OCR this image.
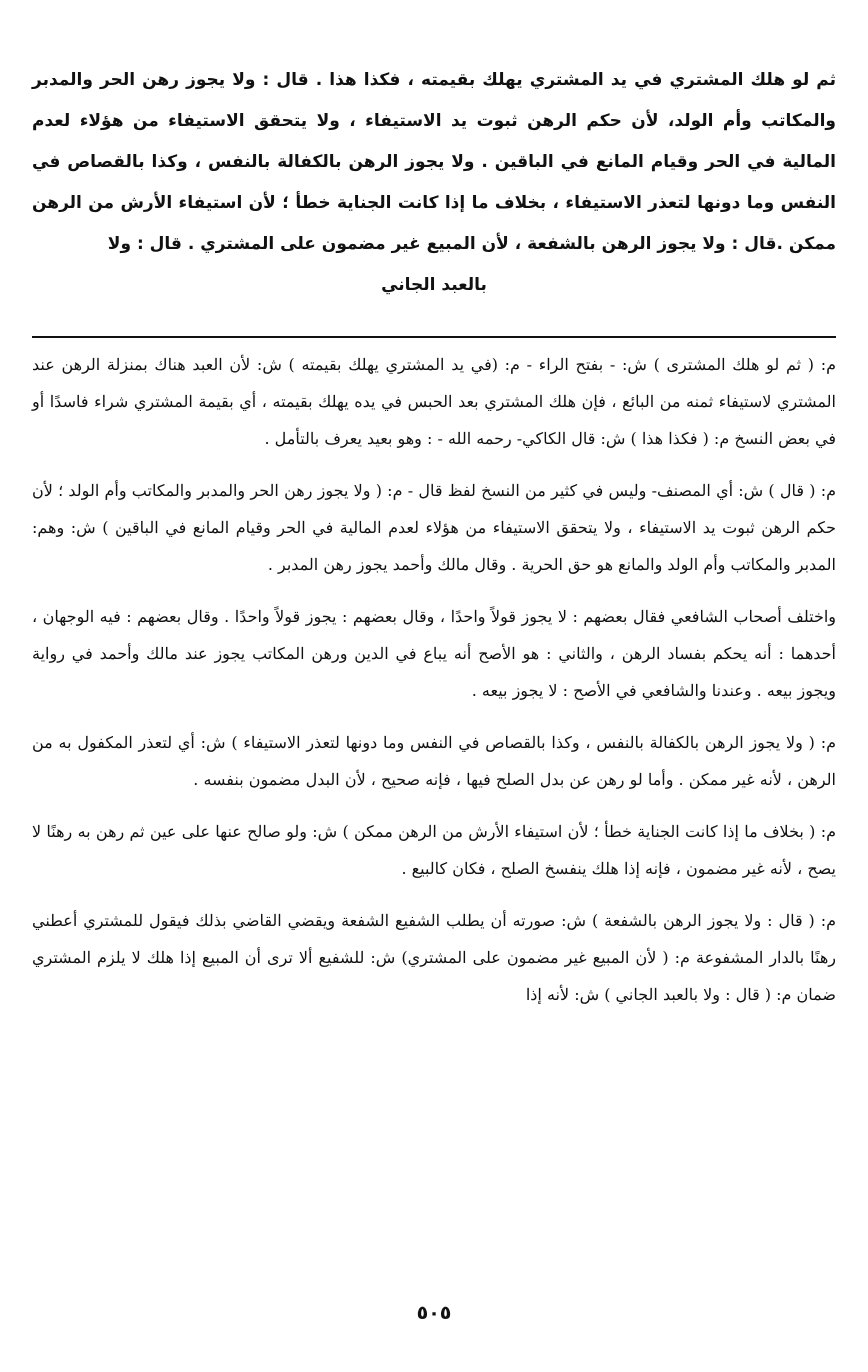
ثم لو هلك المشتري في يد المشتري يهلك بقيمته ، فكذا هذا . قال : ولا يجوز رهن الحر والمدبر والمكاتب وأم الولد، لأن حكم الرهن ثبوت يد الاستيفاء ، ولا يتحقق الاستيفاء من هؤلاء لعدم المالية في الحر وقيام المانع في الباقين . ولا يجوز الرهن بالكفالة بالنفس ، وكذا بالقصاص في النفس وما دونها لتعذر الاستيفاء ، بخلاف ما إذا كانت الجناية خطأ ؛ لأن استيفاء الأرش من الرهن ممكن .قال : ولا يجوز الرهن بالشفعة ، لأن المبيع غير مضمون على المشتري . قال : ولا

بالعبد الجاني

م: ( ثم لو هلك المشترى ) ش: - بفتح الراء - م: (في يد المشتري يهلك بقيمته ) ش: لأن العبد هناك بمنزلة الرهن عند المشتري لاستيفاء ثمنه من البائع ، فإن هلك المشتري بعد الحبس في يده يهلك بقيمته ، أي بقيمة المشتري شراء فاسدًا أو في بعض النسخ م: ( فكذا هذا ) ش: قال الكاكي- رحمه الله - : وهو بعيد يعرف بالتأمل .

م: ( قال ) ش: أي المصنف- وليس في كثير من النسخ لفظ قال - م: ( ولا يجوز رهن الحر والمدبر والمكاتب وأم الولد ؛ لأن حكم الرهن ثبوت يد الاستيفاء ، ولا يتحقق الاستيفاء من هؤلاء لعدم المالية في الحر وقيام المانع في الباقين ) ش: وهم: المدبر والمكاتب وأم الولد والمانع هو حق الحرية . وقال مالك وأحمد يجوز رهن المدبر .

واختلف أصحاب الشافعي فقال بعضهم : لا يجوز قولاً واحدًا ، وقال بعضهم : يجوز قولاً واحدًا . وقال بعضهم : فيه الوجهان ، أحدهما : أنه يحكم بفساد الرهن ، والثاني : هو الأصح أنه يباع في الدين ورهن المكاتب يجوز عند مالك وأحمد في رواية ويجوز بيعه . وعندنا والشافعي في الأصح : لا يجوز بيعه .

م: ( ولا يجوز الرهن بالكفالة بالنفس ، وكذا بالقصاص في النفس وما دونها لتعذر الاستيفاء ) ش: أي لتعذر المكفول به من الرهن ، لأنه غير ممكن . وأما لو رهن عن بدل الصلح فيها ، فإنه صحيح ، لأن البدل مضمون بنفسه .

م: ( بخلاف ما إذا كانت الجناية خطأ ؛ لأن استيفاء الأرش من الرهن ممكن ) ش: ولو صالح عنها على عين ثم رهن به رهنًا لا يصح ، لأنه غير مضمون ، فإنه إذا هلك ينفسخ الصلح ، فكان كالبيع .

م: ( قال : ولا يجوز الرهن بالشفعة ) ش: صورته أن يطلب الشفيع الشفعة ويقضي القاضي بذلك فيقول للمشتري أعطني رهنًا بالدار المشفوعة م: ( لأن المبيع غير مضمون على المشتري) ش: للشفيع ألا ترى أن المبيع إذا هلك لا يلزم المشتري ضمان م: ( قال : ولا بالعبد الجاني ) ش: لأنه إذا

٥٠٥
